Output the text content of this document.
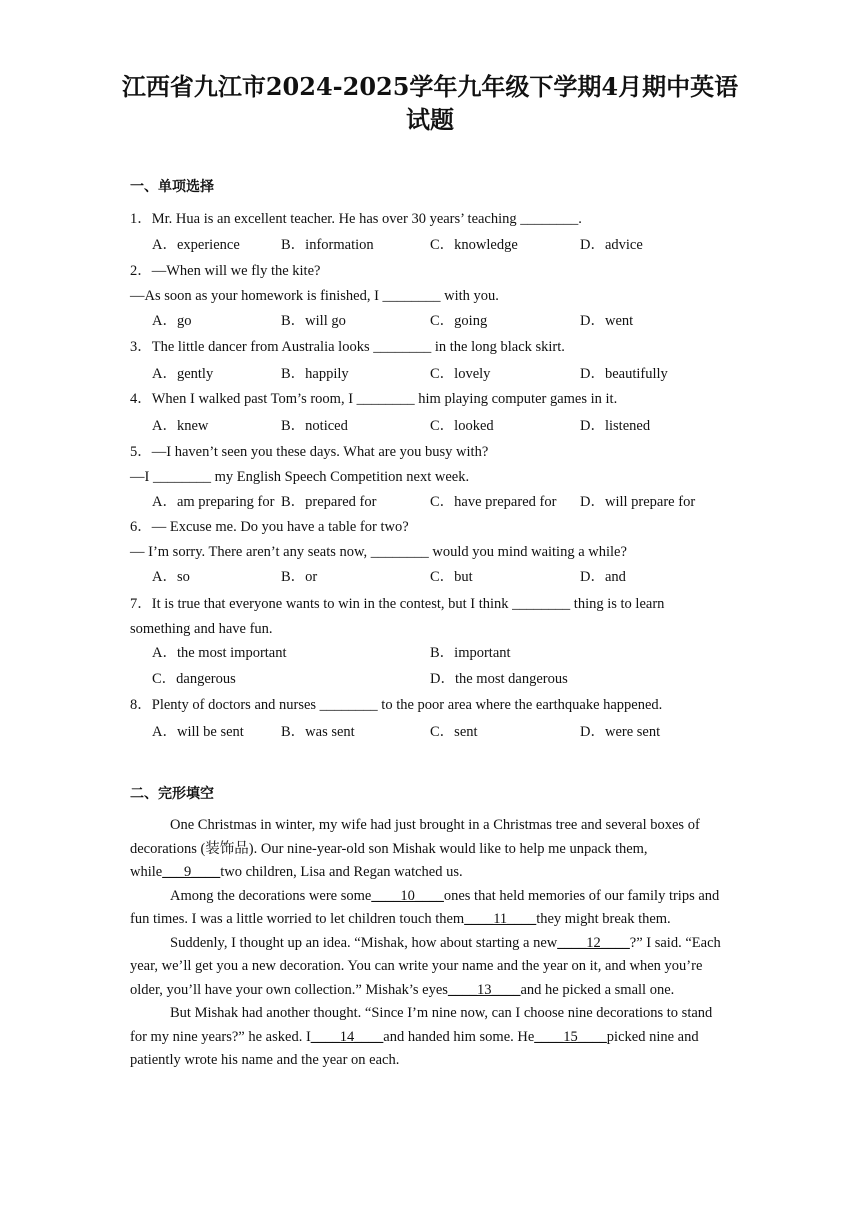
江西省九江市2024-2025学年九年级下学期4月期中英语试题
一、单项选择
1．Mr. Hua is an excellent teacher. He has over 30 years’ teaching ________.
A．experience	B．information	C．knowledge	D．advice
2．—When will we fly the kite?
—As soon as your homework is finished, I ________ with you.
A．go	B．will go	C．going	D．went
3．The little dancer from Australia looks ________ in the long black skirt.
A．gently	B．happily	C．lovely	D．beautifully
4．When I walked past Tom’s room, I ________ him playing computer games in it.
A．knew	B．noticed	C．looked	D．listened
5．—I haven’t seen you these days. What are you busy with?
—I ________ my English Speech Competition next week.
A．am preparing for B．prepared for	C．have prepared for D．will prepare for
6．— Excuse me. Do you have a table for two?
— I’m sorry. There aren’t any seats now, ________ would you mind waiting a while?
A．so	B．or	C．but	D．and
7．It is true that everyone wants to win in the contest, but I think ________ thing is to learn
something and have fun.
A．the most important	B．important
C．dangerous	D．the most dangerous
8．Plenty of doctors and nurses ________ to the poor area where the earthquake happened.
A．will be sent	B．was sent	C．sent	D．were sent
二、完形填空

One Christmas in winter, my wife had just brought in a Christmas tree and several boxes of decorations (装饰品). Our nine-year-old son Mishak would like to help me unpack them, while___9____two children, Lisa and Regan watched us.

Among the decorations were some____10____ones that held memories of our family trips and fun times. I was a little worried to let children touch them____11____they might break them.

Suddenly, I thought up an idea. “Mishak, how about starting a new____12____?” I said. “Each year, we’ll get you a new decoration. You can write your name and the year on it, and when you’re older, you’ll have your own collection.” Mishak’s eyes____13____and he picked a small one.

But Mishak had another thought. “Since I’m nine now, can I choose nine decorations to stand for my nine years?” he asked. I____14____and handed him some. He____15____picked nine and patiently wrote his name and the year on each.
